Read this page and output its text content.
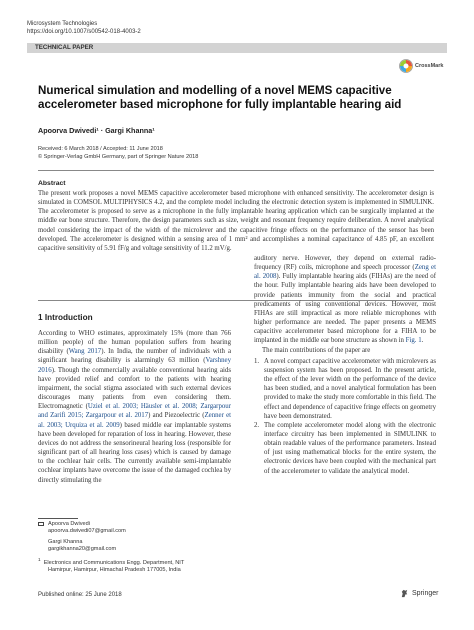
Microsystem Technologies
https://doi.org/10.1007/s00542-018-4003-2
TECHNICAL PAPER
CrossMark
Numerical simulation and modelling of a novel MEMS capacitive
accelerometer based microphone for fully implantable hearing aid
Apoorva Dwivedi¹ · Gargi Khanna¹
Received: 6 March 2018 / Accepted: 11 June 2018
© Springer-Verlag GmbH Germany, part of Springer Nature 2018
Abstract
The present work proposes a novel MEMS capacitive accelerometer based microphone with enhanced sensitivity. The accelerometer design is simulated in COMSOL MULTIPHYSICS 4.2, and the complete model including the electronic detection system is implemented in SIMULINK. The accelerometer is proposed to serve as a microphone in the fully implantable hearing application which can be surgically implanted at the middle ear bone structure. Therefore, the design parameters such as size, weight and resonant frequency require deliberation. A novel analytical model considering the impact of the width of the microlever and the capacitive fringe effects on the performance of the sensor has been developed. The accelerometer is designed within a sensing area of 1 mm² and accomplishes a nominal capacitance of 4.85 pF, an excellent capacitive sensitivity of 5.91 fF/g and voltage sensitivity of 11.2 mV/g.
1 Introduction

According to WHO estimates, approximately 15% (more than 766 million people) of the human population suffers from hearing disability (Wang 2017). In India, the number of individuals with a significant hearing disability is alarmingly 63 million (Varshney 2016). Though the commercially available conventional hearing aids have provided relief and comfort to the patients with hearing impairment, the social stigma associated with such external devices discourages many patients from even considering them. Electromagnetic (Uziel et al. 2003; Häusler et al. 2008; Zargarpour and Zarifi 2015; Zargarpour et al. 2017) and Piezoelectric (Zenner et al. 2003; Urquiza et al. 2009) based middle ear implantable systems have been developed for reparation of loss in hearing. However, these devices do not address the sensorineural hearing loss (responsible for significant part of all hearing loss cases) which is caused by damage to the cochlear hair cells. The currently available semi-implantable cochlear implants have overcome the issue of the damaged cochlea by directly stimulating the

auditory nerve. However, they depend on external radio-frequency (RF) coils, microphone and speech processor (Zeng et al. 2008). Fully implantable hearing aids (FIHAs) are the need of the hour. Fully implantable hearing aids have been developed to provide patients immunity from the social and practical predicaments of using conventional devices. However, most FIHAs are still impractical as more reliable microphones with higher performance are needed. The paper presents a MEMS capacitive accelerometer based microphone for a FIHA to be implanted in the middle ear bone structure as shown in Fig. 1.

The main contributions of the paper are

1. A novel compact capacitive accelerometer with microlevers as suspension system has been proposed. In the present article, the effect of the lever width on the performance of the device has been studied, and a novel analytical formulation has been provided to make the study more comfortable in this field. The effect and dependence of capacitive fringe effects on geometry have been demonstrated.
2. The complete accelerometer model along with the electronic interface circuitry has been implemented in SIMULINK to obtain readable values of the performance parameters. Instead of just using mathematical blocks for the entire system, the electronic devices have been coupled with the mechanical part of the accelerometer to validate the analytical model.
Apoorva Dwivedi
apoorva.dwivedi07@gmail.com
Gargi Khanna
gargikhanna20@gmail.com
$^1$  Electronics and Communications Engg. Department, NIT
Hamirpur, Hamirpur, Himachal Pradesh 177005, India
Published online: 25 June 2018	Springer
